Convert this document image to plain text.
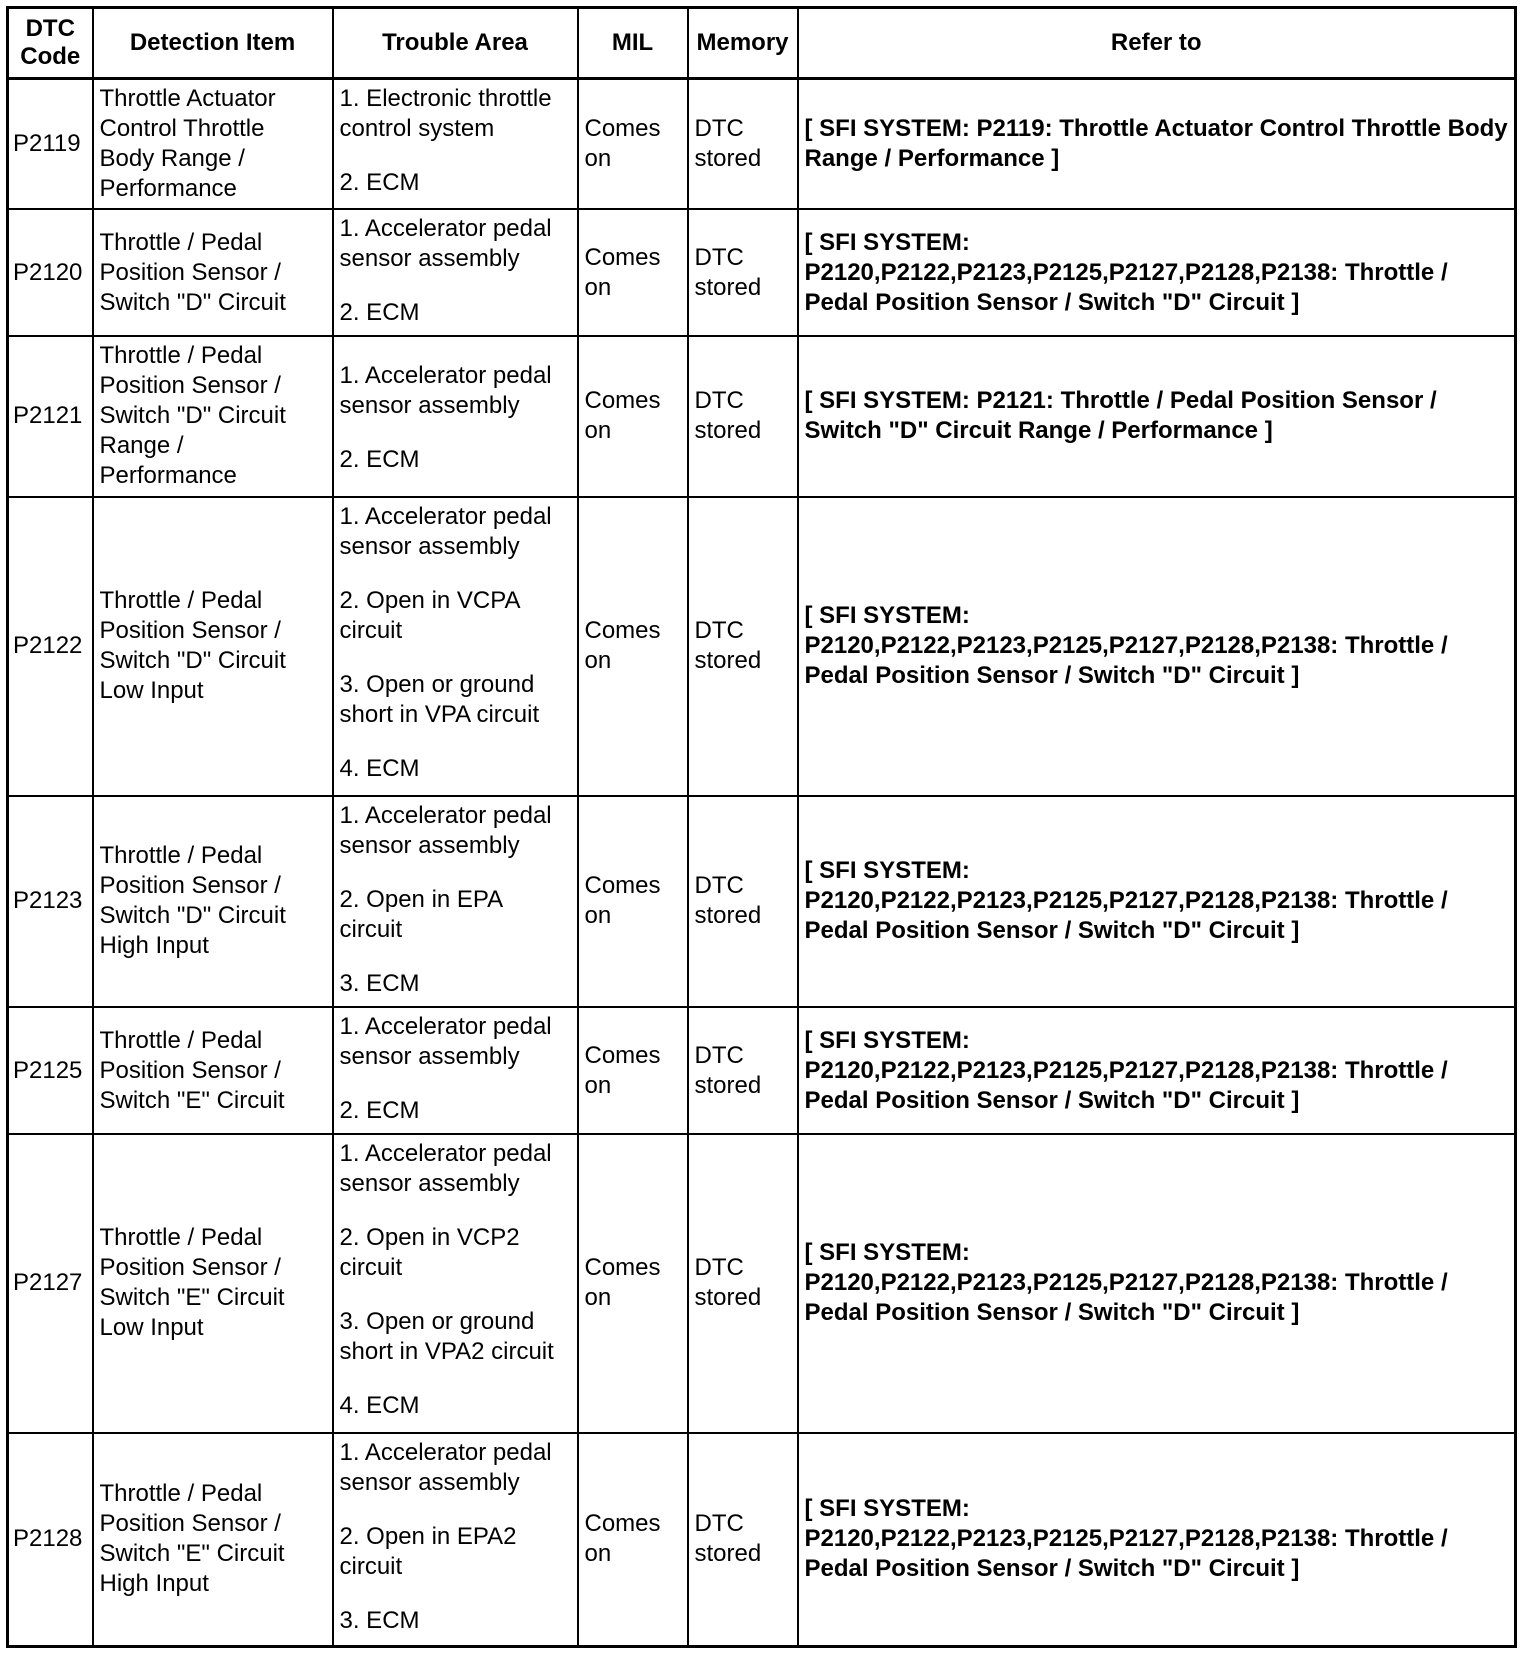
DTC Code	Detection Item	Trouble Area	MIL	Memory	Refer to
P2119	Throttle Actuator Control Throttle Body Range / Performance	1. Electronic throttle control system

2. ECM	Comes on	DTC stored	[ SFI SYSTEM: P2119: Throttle Actuator Control Throttle Body Range / Performance ]
P2120	Throttle / Pedal Position Sensor / Switch "D" Circuit	1. Accelerator pedal sensor assembly

2. ECM	Comes on	DTC stored	[ SFI SYSTEM: P2120,P2122,P2123,P2125,P2127,P2128,P2138: Throttle / Pedal Position Sensor / Switch "D" Circuit ]
P2121	Throttle / Pedal Position Sensor / Switch "D" Circuit Range / Performance	1. Accelerator pedal sensor assembly

2. ECM	Comes on	DTC stored	[ SFI SYSTEM: P2121: Throttle / Pedal Position Sensor / Switch "D" Circuit Range / Performance ]
P2122	Throttle / Pedal Position Sensor / Switch "D" Circuit Low Input	1. Accelerator pedal sensor assembly

2. Open in VCPA circuit

3. Open or ground short in VPA circuit

4. ECM	Comes on	DTC stored	[ SFI SYSTEM: P2120,P2122,P2123,P2125,P2127,P2128,P2138: Throttle / Pedal Position Sensor / Switch "D" Circuit ]
P2123	Throttle / Pedal Position Sensor / Switch "D" Circuit High Input	1. Accelerator pedal sensor assembly

2. Open in EPA circuit

3. ECM	Comes on	DTC stored	[ SFI SYSTEM: P2120,P2122,P2123,P2125,P2127,P2128,P2138: Throttle / Pedal Position Sensor / Switch "D" Circuit ]
P2125	Throttle / Pedal Position Sensor / Switch "E" Circuit	1. Accelerator pedal sensor assembly

2. ECM	Comes on	DTC stored	[ SFI SYSTEM: P2120,P2122,P2123,P2125,P2127,P2128,P2138: Throttle / Pedal Position Sensor / Switch "D" Circuit ]
P2127	Throttle / Pedal Position Sensor / Switch "E" Circuit Low Input	1. Accelerator pedal sensor assembly

2. Open in VCP2 circuit

3. Open or ground short in VPA2 circuit

4. ECM	Comes on	DTC stored	[ SFI SYSTEM: P2120,P2122,P2123,P2125,P2127,P2128,P2138: Throttle / Pedal Position Sensor / Switch "D" Circuit ]
P2128	Throttle / Pedal Position Sensor / Switch "E" Circuit High Input	1. Accelerator pedal sensor assembly

2. Open in EPA2 circuit

3. ECM	Comes on	DTC stored	[ SFI SYSTEM: P2120,P2122,P2123,P2125,P2127,P2128,P2138: Throttle / Pedal Position Sensor / Switch "D" Circuit ]
